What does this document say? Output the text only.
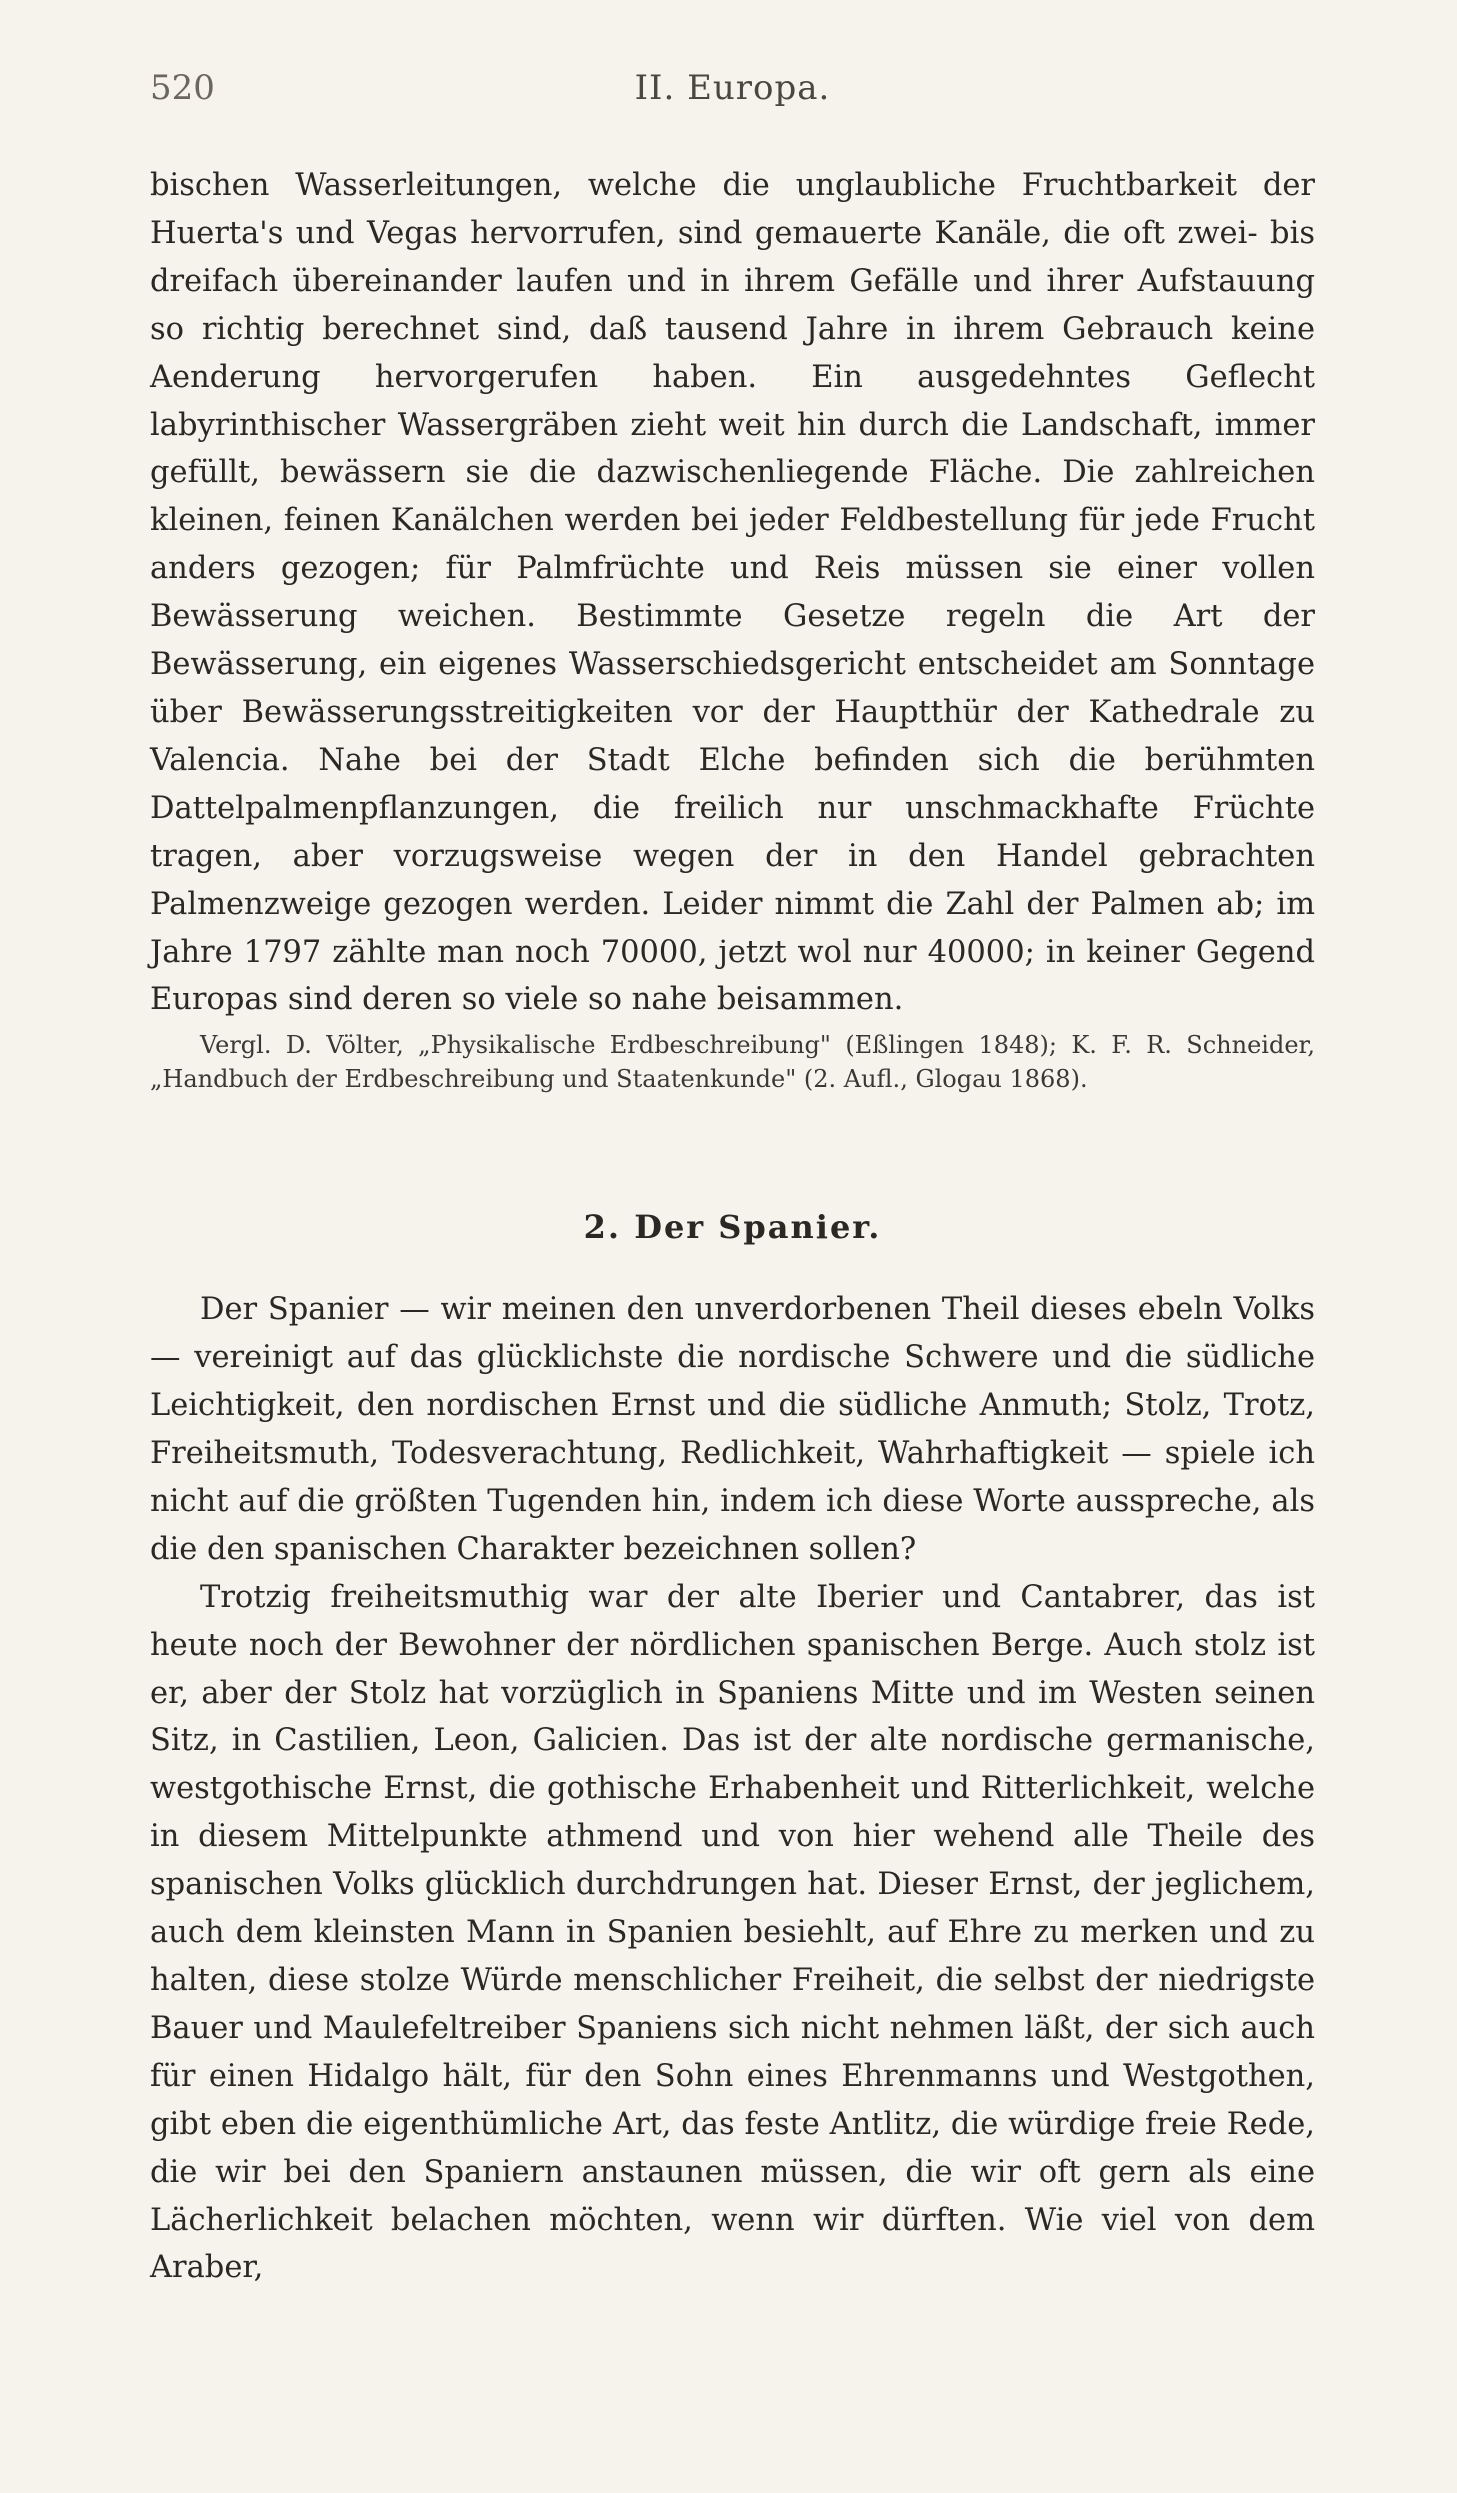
520	II. Europa.

bischen Wasserleitungen, welche die unglaubliche Fruchtbarkeit der Huerta's und Vegas hervorrufen, sind gemauerte Kanäle, die oft zwei- bis dreifach übereinander laufen und in ihrem Gefälle und ihrer Aufstauung so richtig berechnet sind, daß tausend Jahre in ihrem Gebrauch keine Aenderung hervorgerufen haben. Ein ausgedehntes Geflecht labyrinthischer Wassergräben zieht weit hin durch die Landschaft, immer gefüllt, bewässern sie die dazwischenliegende Fläche. Die zahlreichen kleinen, feinen Kanälchen werden bei jeder Feldbestellung für jede Frucht anders gezogen; für Palmfrüchte und Reis müssen sie einer vollen Bewässerung weichen. Bestimmte Gesetze regeln die Art der Bewässerung, ein eigenes Wasserschiedsgericht entscheidet am Sonntage über Bewässerungsstreitigkeiten vor der Hauptthür der Kathedrale zu Valencia. Nahe bei der Stadt Elche befinden sich die berühmten Dattelpalmenpflanzungen, die freilich nur unschmackhafte Früchte tragen, aber vorzugsweise wegen der in den Handel gebrachten Palmenzweige gezogen werden. Leider nimmt die Zahl der Palmen ab; im Jahre 1797 zählte man noch 70000, jetzt wol nur 40000; in keiner Gegend Europas sind deren so viele so nahe beisammen.

Vergl. D. Völter, „Physikalische Erdbeschreibung" (Eßlingen 1848); K. F. R. Schneider, „Handbuch der Erdbeschreibung und Staatenkunde" (2. Aufl., Glogau 1868).

2. Der Spanier.

Der Spanier — wir meinen den unverdorbenen Theil dieses ebeln Volks — vereinigt auf das glücklichste die nordische Schwere und die südliche Leichtigkeit, den nordischen Ernst und die südliche Anmuth; Stolz, Trotz, Freiheitsmuth, Todesverachtung, Redlichkeit, Wahrhaftigkeit — spiele ich nicht auf die größten Tugenden hin, indem ich diese Worte ausspreche, als die den spanischen Charakter bezeichnen sollen?

Trotzig freiheitsmuthig war der alte Iberier und Cantabrer, das ist heute noch der Bewohner der nördlichen spanischen Berge. Auch stolz ist er, aber der Stolz hat vorzüglich in Spaniens Mitte und im Westen seinen Sitz, in Castilien, Leon, Galicien. Das ist der alte nordische germanische, westgothische Ernst, die gothische Erhabenheit und Ritterlichkeit, welche in diesem Mittelpunkte athmend und von hier wehend alle Theile des spanischen Volks glücklich durchdrungen hat. Dieser Ernst, der jeglichem, auch dem kleinsten Mann in Spanien besiehlt, auf Ehre zu merken und zu halten, diese stolze Würde menschlicher Freiheit, die selbst der niedrigste Bauer und Maulefeltreiber Spaniens sich nicht nehmen läßt, der sich auch für einen Hidalgo hält, für den Sohn eines Ehrenmanns und Westgothen, gibt eben die eigenthümliche Art, das feste Antlitz, die würdige freie Rede, die wir bei den Spaniern anstaunen müssen, die wir oft gern als eine Lächerlichkeit belachen möchten, wenn wir dürften. Wie viel von dem Araber,
